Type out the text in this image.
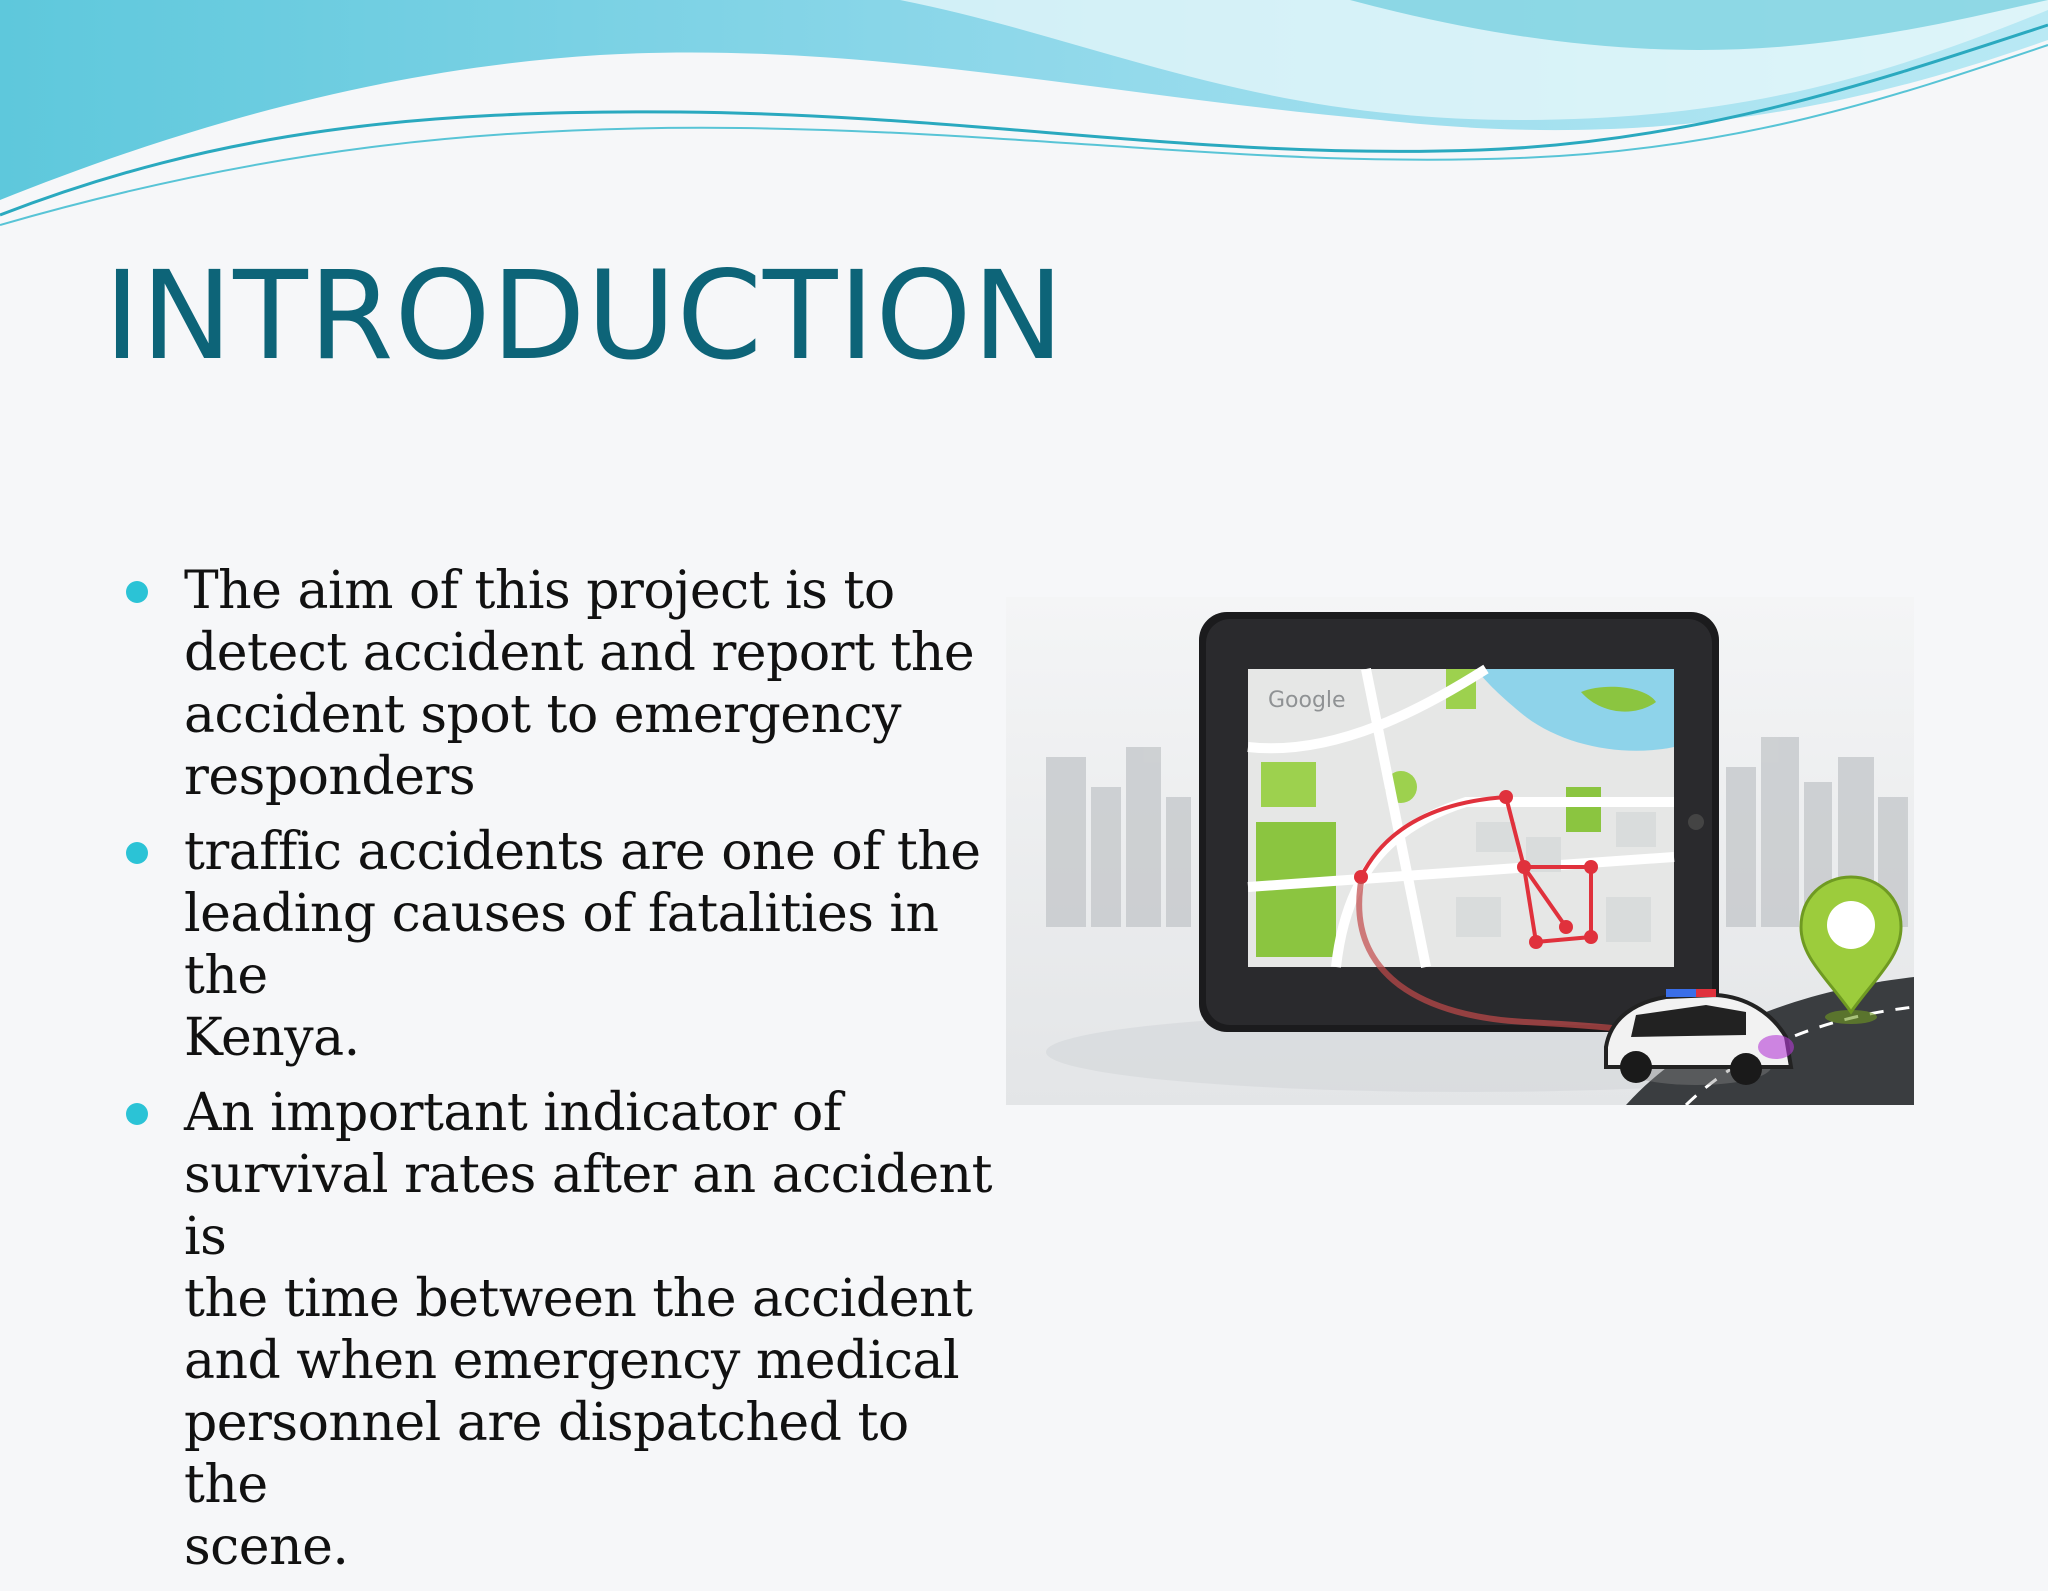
INTRODUCTION
The aim of this project is to
detect accident and report the
accident spot to emergency
responders
traffic accidents are one of the
leading causes of fatalities in the
Kenya.
An important indicator of
survival rates after an accident is
the time between the accident
and when emergency medical
personnel are dispatched to the
scene.
Google
